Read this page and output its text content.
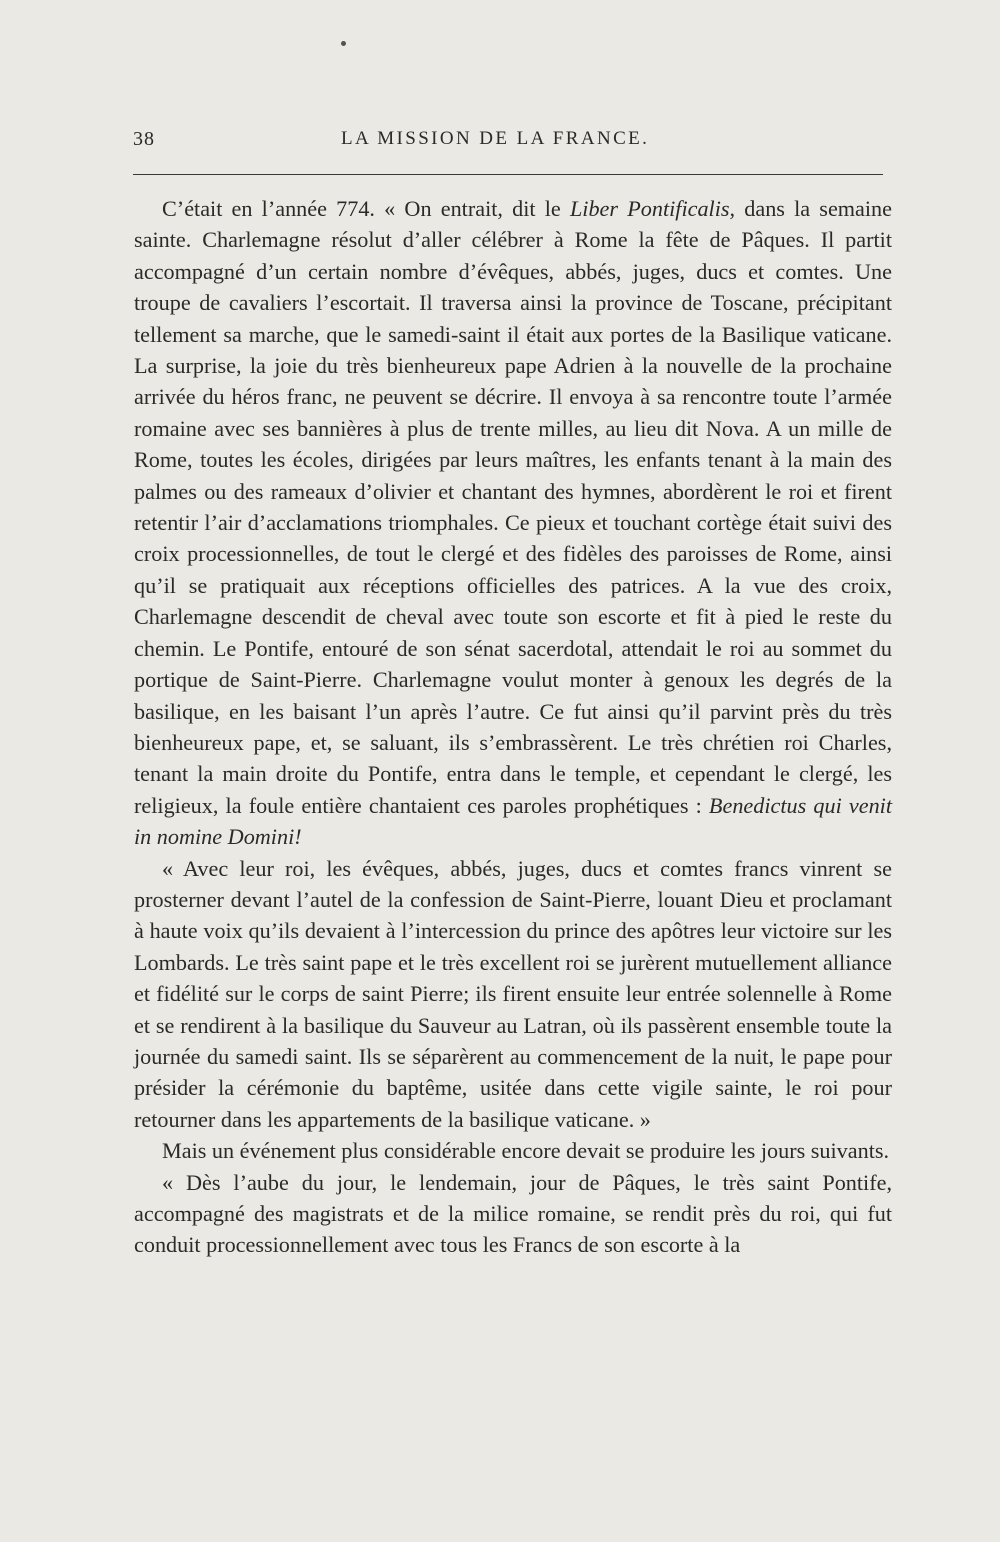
38	LA MISSION DE LA FRANCE.

C’était en l’année 774. « On entrait, dit le Liber Pontificalis, dans la semaine sainte. Charlemagne résolut d’aller célébrer à Rome la fête de Pâques. Il partit accompagné d’un certain nombre d’évêques, abbés, juges, ducs et comtes. Une troupe de cavaliers l’escortait. Il traversa ainsi la province de Toscane, précipitant tellement sa marche, que le samedi-saint il était aux portes de la Basilique vaticane. La surprise, la joie du très bienheureux pape Adrien à la nouvelle de la prochaine arrivée du héros franc, ne peuvent se décrire. Il envoya à sa rencontre toute l’armée romaine avec ses bannières à plus de trente milles, au lieu dit Nova. A un mille de Rome, toutes les écoles, dirigées par leurs maîtres, les enfants tenant à la main des palmes ou des rameaux d’olivier et chantant des hymnes, abordèrent le roi et firent retentir l’air d’acclamations triomphales. Ce pieux et touchant cortège était suivi des croix processionnelles, de tout le clergé et des fidèles des paroisses de Rome, ainsi qu’il se pratiquait aux réceptions officielles des patrices. A la vue des croix, Charlemagne descendit de cheval avec toute son escorte et fit à pied le reste du chemin. Le Pontife, entouré de son sénat sacerdotal, attendait le roi au sommet du portique de Saint-Pierre. Charlemagne voulut monter à genoux les degrés de la basilique, en les baisant l’un après l’autre. Ce fut ainsi qu’il parvint près du très bienheureux pape, et, se saluant, ils s’embrassèrent. Le très chrétien roi Charles, tenant la main droite du Pontife, entra dans le temple, et cependant le clergé, les religieux, la foule entière chantaient ces paroles prophétiques : Benedictus qui venit in nomine Domini!

« Avec leur roi, les évêques, abbés, juges, ducs et comtes francs vinrent se prosterner devant l’autel de la confession de Saint-Pierre, louant Dieu et proclamant à haute voix qu’ils devaient à l’intercession du prince des apôtres leur victoire sur les Lombards. Le très saint pape et le très excellent roi se jurèrent mutuellement alliance et fidélité sur le corps de saint Pierre; ils firent ensuite leur entrée solennelle à Rome et se rendirent à la basilique du Sauveur au Latran, où ils passèrent ensemble toute la journée du samedi saint. Ils se séparèrent au commencement de la nuit, le pape pour présider la cérémonie du baptême, usitée dans cette vigile sainte, le roi pour retourner dans les appartements de la basilique vaticane. »

Mais un événement plus considérable encore devait se produire les jours suivants.

« Dès l’aube du jour, le lendemain, jour de Pâques, le très saint Pontife, accompagné des magistrats et de la milice romaine, se rendit près du roi, qui fut conduit processionnellement avec tous les Francs de son escorte à la
